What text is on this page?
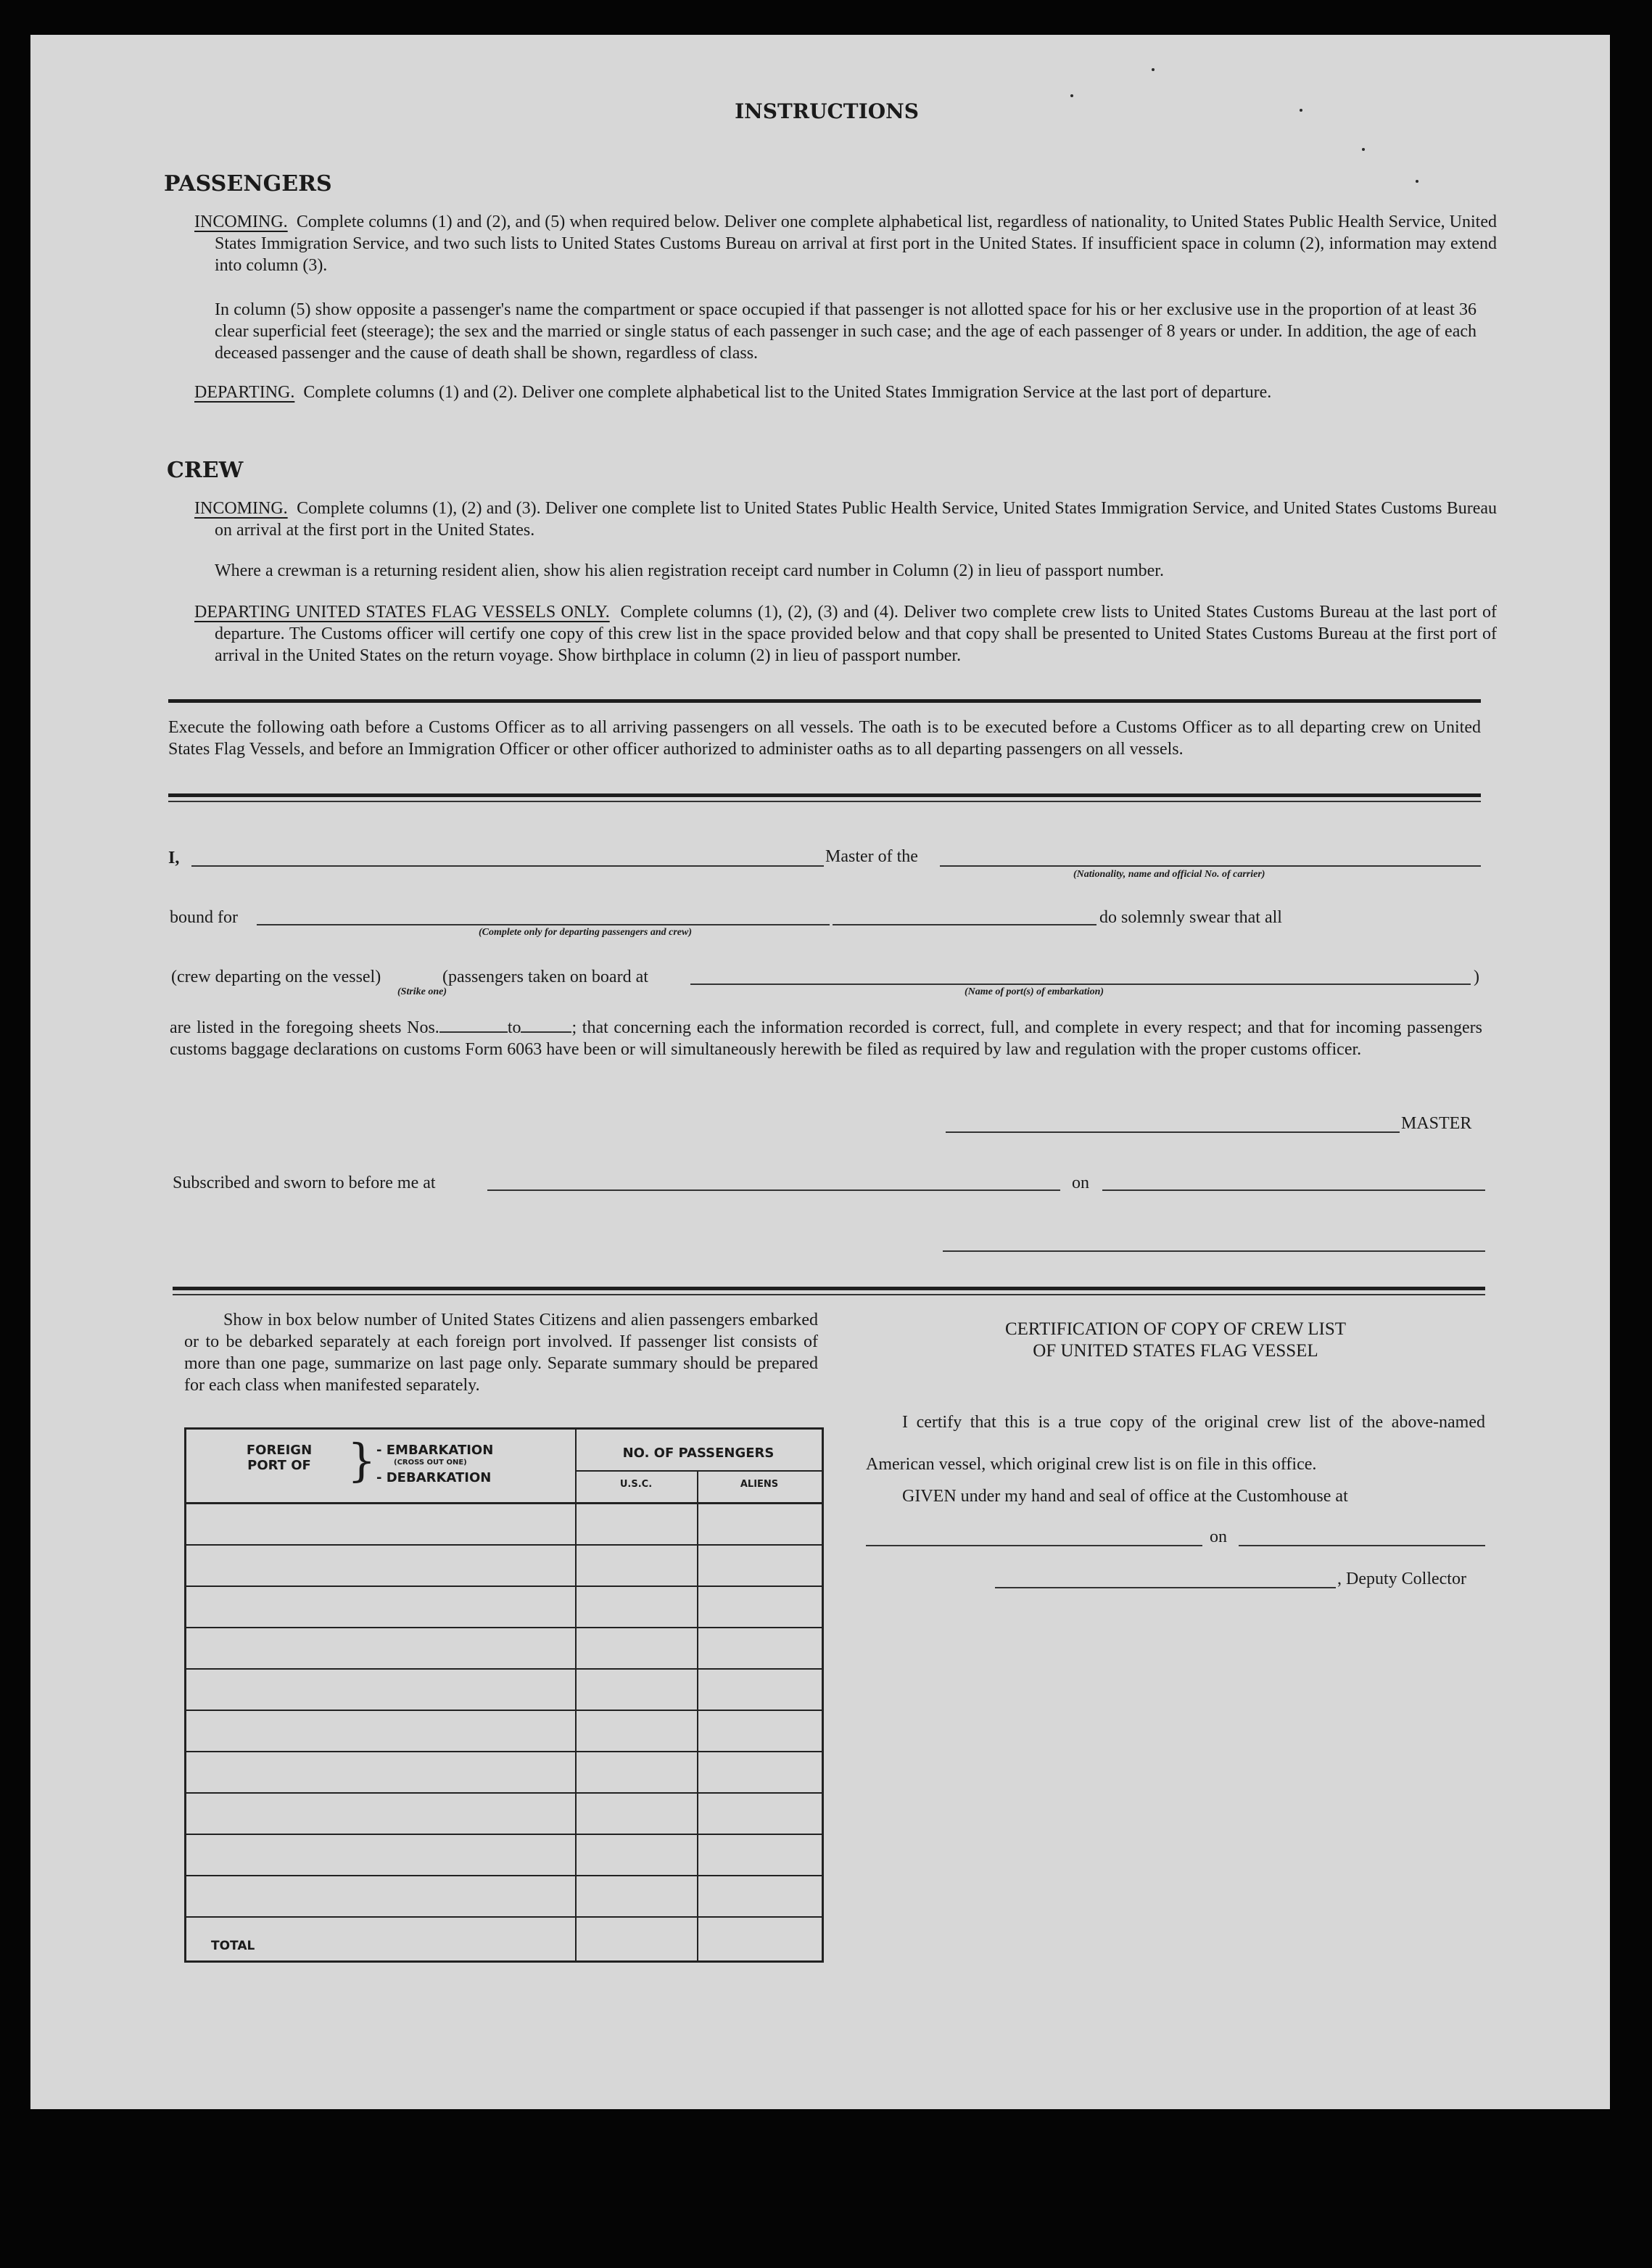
INSTRUCTIONS
PASSENGERS
INCOMING. Complete columns (1) and (2), and (5) when required below. Deliver one complete alphabetical list, regardless of nationality, to United States Public Health Service, United States Immigration Service, and two such lists to United States Customs Bureau on arrival at first port in the United States. If insufficient space in column (2), information may extend into column (3).
In column (5) show opposite a passenger's name the compartment or space occupied if that passenger is not allotted space for his or her exclusive use in the proportion of at least 36 clear superficial feet (steerage); the sex and the married or single status of each passenger in such case; and the age of each passenger of 8 years or under. In addition, the age of each deceased passenger and the cause of death shall be shown, regardless of class.
DEPARTING. Complete columns (1) and (2). Deliver one complete alphabetical list to the United States Immigration Service at the last port of departure.
CREW
INCOMING. Complete columns (1), (2) and (3). Deliver one complete list to United States Public Health Service, United States Immigration Service, and United States Customs Bureau on arrival at the first port in the United States.
Where a crewman is a returning resident alien, show his alien registration receipt card number in Column (2) in lieu of passport number.
DEPARTING UNITED STATES FLAG VESSELS ONLY. Complete columns (1), (2), (3) and (4). Deliver two complete crew lists to United States Customs Bureau at the last port of departure. The Customs officer will certify one copy of this crew list in the space provided below and that copy shall be presented to United States Customs Bureau at the first port of arrival in the United States on the return voyage. Show birthplace in column (2) in lieu of passport number.
Execute the following oath before a Customs Officer as to all arriving passengers on all vessels. The oath is to be executed before a Customs Officer as to all departing crew on United States Flag Vessels, and before an Immigration Officer or other officer authorized to administer oaths as to all departing passengers on all vessels.
I,	Master of the
(Nationality, name and official No. of carrier)
bound for
(Complete only for departing passengers and crew)
do solemnly swear that all
(crew departing on the vessel)	(passengers taken on board at	)
(Strike one)	(Name of port(s) of embarkation)
are listed in the foregoing sheets Nos.	to	; that concerning each the information recorded is correct, full, and complete in every respect; and that for incoming passengers customs baggage declarations on customs Form 6063 have been or will simultaneously herewith be filed as required by law and regulation with the proper customs officer.
MASTER
Subscribed and sworn to before me at	on
Show in box below number of United States Citizens and alien passengers embarked or to be debarked separately at each foreign port involved. If passenger list consists of more than one page, summarize on last page only. Separate summary should be prepared for each class when manifested separately.
FOREIGN PORT OF } - EMBARKATION
(CROSS OUT ONE)
- DEBARKATION
NO. OF PASSENGERS
U.S.C.	ALIENS
TOTAL
CERTIFICATION OF COPY OF CREW LIST
OF UNITED STATES FLAG VESSEL
I certify that this is a true copy of the original crew list of the above-named American vessel, which original crew list is on file in this office.
GIVEN under my hand and seal of office at the Customhouse at
on
, Deputy Collector
